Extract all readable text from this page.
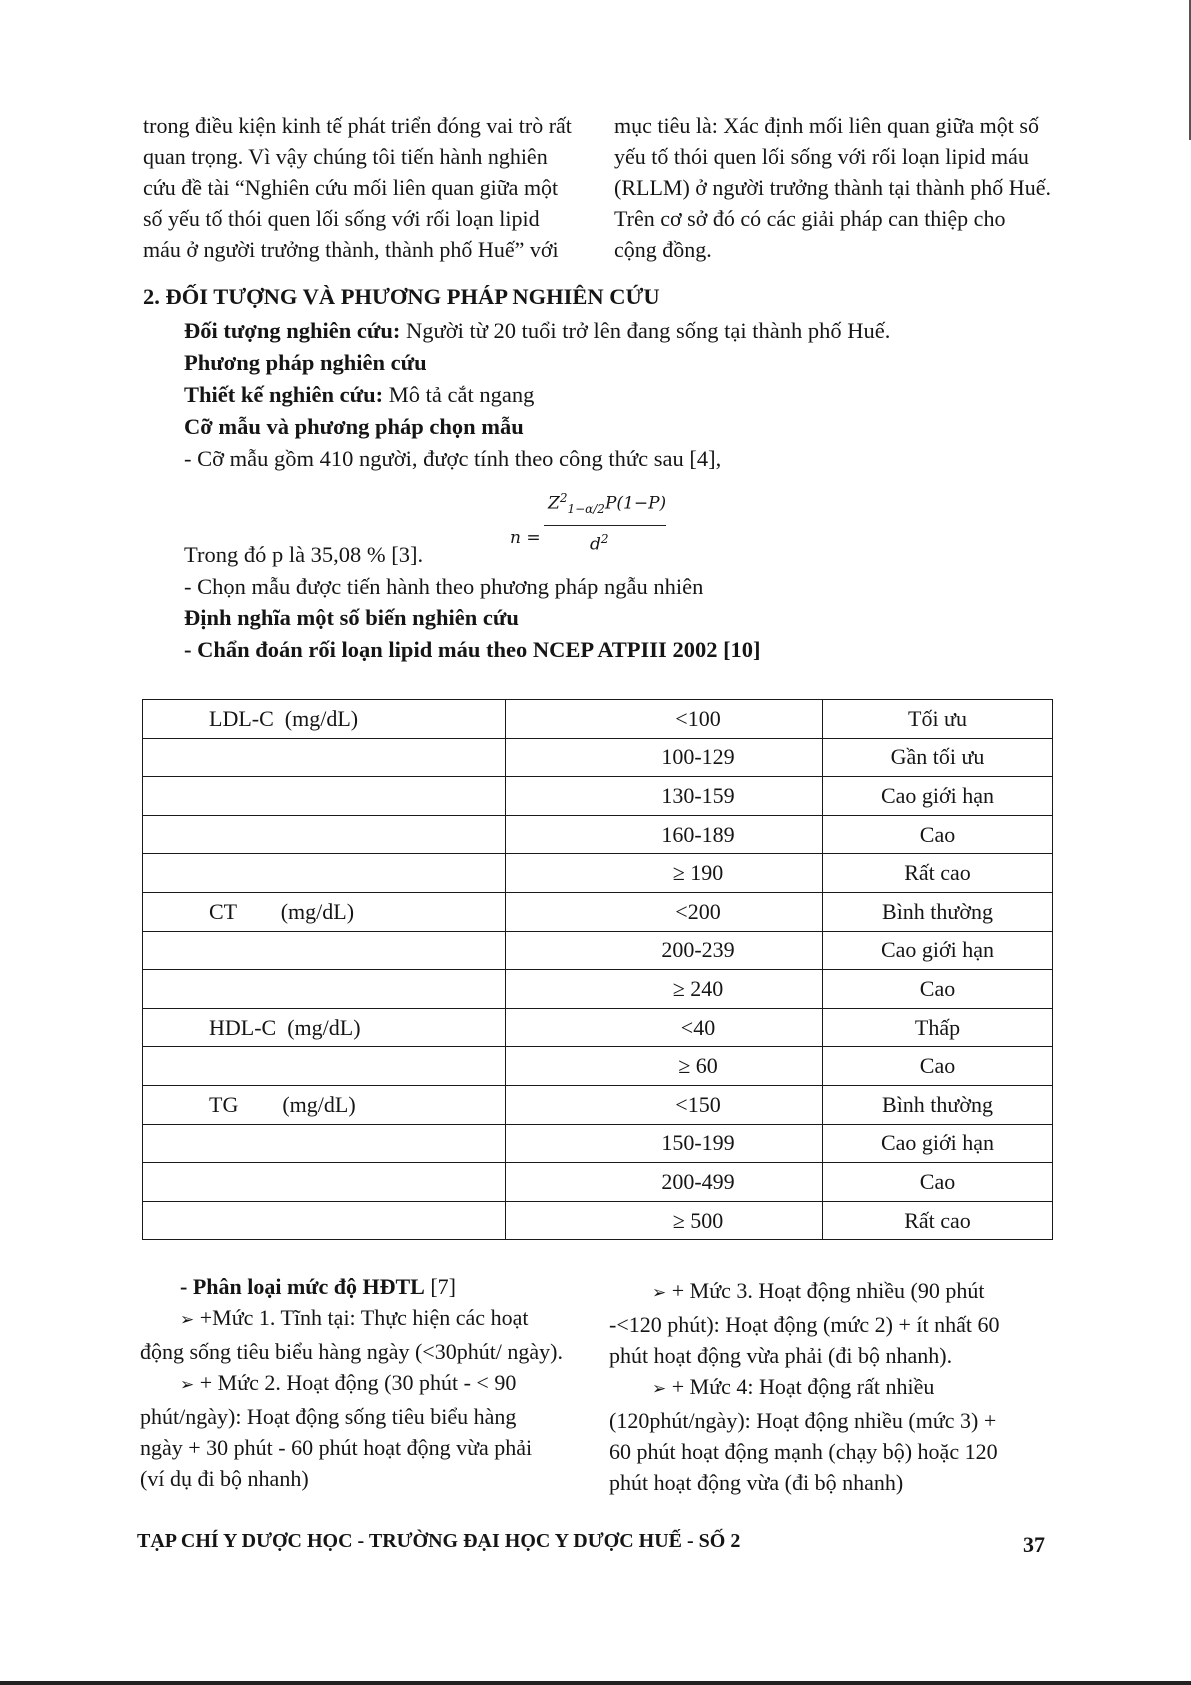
trong điều kiện kinh tế phát triển đóng vai trò rất
quan trọng. Vì vậy chúng tôi tiến hành nghiên
cứu đề tài “Nghiên cứu mối liên quan giữa một
số yếu tố thói quen lối sống với rối loạn lipid
máu ở người trưởng thành, thành phố Huế” với
mục tiêu là: Xác định mối liên quan giữa một số
yếu tố thói quen lối sống với rối loạn lipid máu
(RLLM) ở người trưởng thành tại thành phố Huế.
Trên cơ sở đó có các giải pháp can thiệp cho
cộng đồng.
2. ĐỐI TƯỢNG VÀ PHƯƠNG PHÁP NGHIÊN CỨU
Đối tượng nghiên cứu: Người từ 20 tuổi trở lên đang sống tại thành phố Huế.
Phương pháp nghiên cứu
Thiết kế nghiên cứu: Mô tả cắt ngang
Cỡ mẫu và phương pháp chọn mẫu
- Cỡ mẫu gồm 410 người, được tính theo công thức sau [4],
n =
$Z^2_{1-\alpha/2}P(1-P)$
$d^2$
Trong đó p là 35,08 % [3].
- Chọn mẫu được tiến hành theo phương pháp ngẫu nhiên
Định nghĩa một số biến nghiên cứu
- Chẩn đoán rối loạn lipid máu theo NCEP ATPIII 2002 [10]
LDL-C  (mg/dL)	<100	Tối ưu
	100-129	Gần tối ưu
	130-159	Cao giới hạn
	160-189	Cao
	≥ 190	Rất cao
CT        (mg/dL)	<200	Bình thường
	200-239	Cao giới hạn
	≥ 240	Cao
HDL-C  (mg/dL)	<40	Thấp
	≥ 60	Cao
TG        (mg/dL)	<150	Bình thường
	150-199	Cao giới hạn
	200-499	Cao
	≥ 500	Rất cao
- Phân loại mức độ HĐTL [7]
➢ +Mức 1. Tĩnh tại: Thực hiện các hoạt
động sống tiêu biểu hàng ngày (<30phút/ ngày).
➢ + Mức 2. Hoạt động (30 phút - < 90
phút/ngày): Hoạt động sống tiêu biểu hàng
ngày + 30 phút - 60 phút hoạt động vừa phải
(ví dụ đi bộ nhanh)
➢ + Mức 3. Hoạt động nhiều (90 phút
-<120 phút): Hoạt động (mức 2) + ít nhất 60
phút hoạt động vừa phải (đi bộ nhanh).
➢ + Mức 4: Hoạt động rất nhiều
(120phút/ngày): Hoạt động nhiều (mức 3) +
60 phút hoạt động mạnh (chạy bộ) hoặc 120
phút hoạt động vừa (đi bộ nhanh)
TẠP CHÍ Y DƯỢC HỌC - TRƯỜNG ĐẠI HỌC Y DƯỢC HUẾ - SỐ 2	37
